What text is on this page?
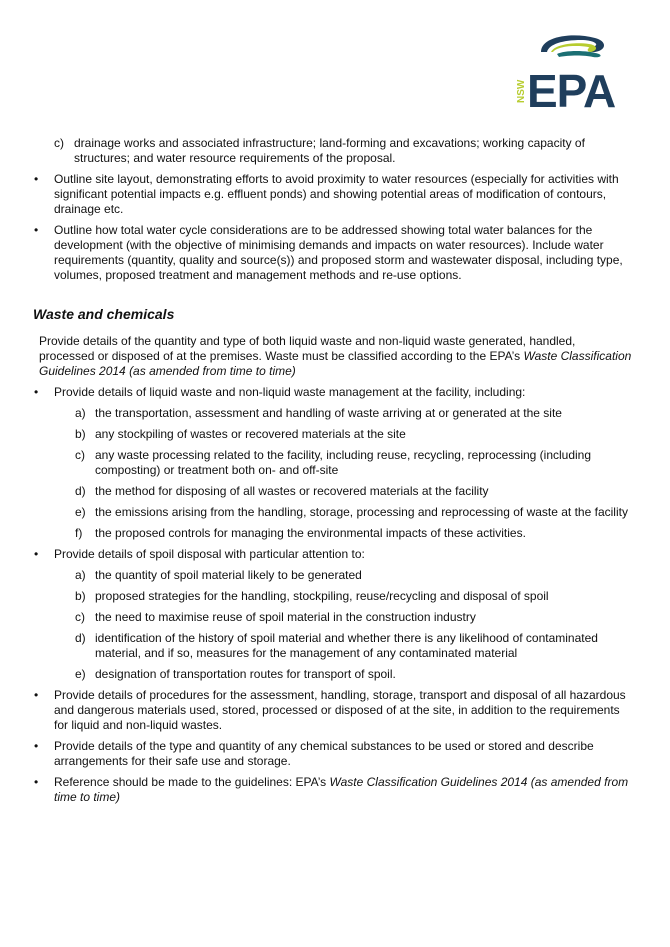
NSW EPA
c) drainage works and associated infrastructure; land-forming and excavations; working capacity of structures; and water resource requirements of the proposal.
• Outline site layout, demonstrating efforts to avoid proximity to water resources (especially for activities with significant potential impacts e.g. effluent ponds) and showing potential areas of modification of contours, drainage etc.
• Outline how total water cycle considerations are to be addressed showing total water balances for the development (with the objective of minimising demands and impacts on water resources). Include water requirements (quantity, quality and source(s)) and proposed storm and wastewater disposal, including type, volumes, proposed treatment and management methods and re-use options.
Waste and chemicals

Provide details of the quantity and type of both liquid waste and non-liquid waste generated, handled, processed or disposed of at the premises. Waste must be classified according to the EPA’s Waste Classification Guidelines 2014 (as amended from time to time)

• Provide details of liquid waste and non-liquid waste management at the facility, including:
a) the transportation, assessment and handling of waste arriving at or generated at the site
b) any stockpiling of wastes or recovered materials at the site
c) any waste processing related to the facility, including reuse, recycling, reprocessing (including composting) or treatment both on- and off-site
d) the method for disposing of all wastes or recovered materials at the facility
e) the emissions arising from the handling, storage, processing and reprocessing of waste at the facility
f) the proposed controls for managing the environmental impacts of these activities.
• Provide details of spoil disposal with particular attention to:
a) the quantity of spoil material likely to be generated
b) proposed strategies for the handling, stockpiling, reuse/recycling and disposal of spoil
c) the need to maximise reuse of spoil material in the construction industry
d) identification of the history of spoil material and whether there is any likelihood of contaminated material, and if so, measures for the management of any contaminated material
e) designation of transportation routes for transport of spoil.
• Provide details of procedures for the assessment, handling, storage, transport and disposal of all hazardous and dangerous materials used, stored, processed or disposed of at the site, in addition to the requirements for liquid and non-liquid wastes.
• Provide details of the type and quantity of any chemical substances to be used or stored and describe arrangements for their safe use and storage.
• Reference should be made to the guidelines: EPA’s Waste Classification Guidelines 2014 (as amended from time to time)
